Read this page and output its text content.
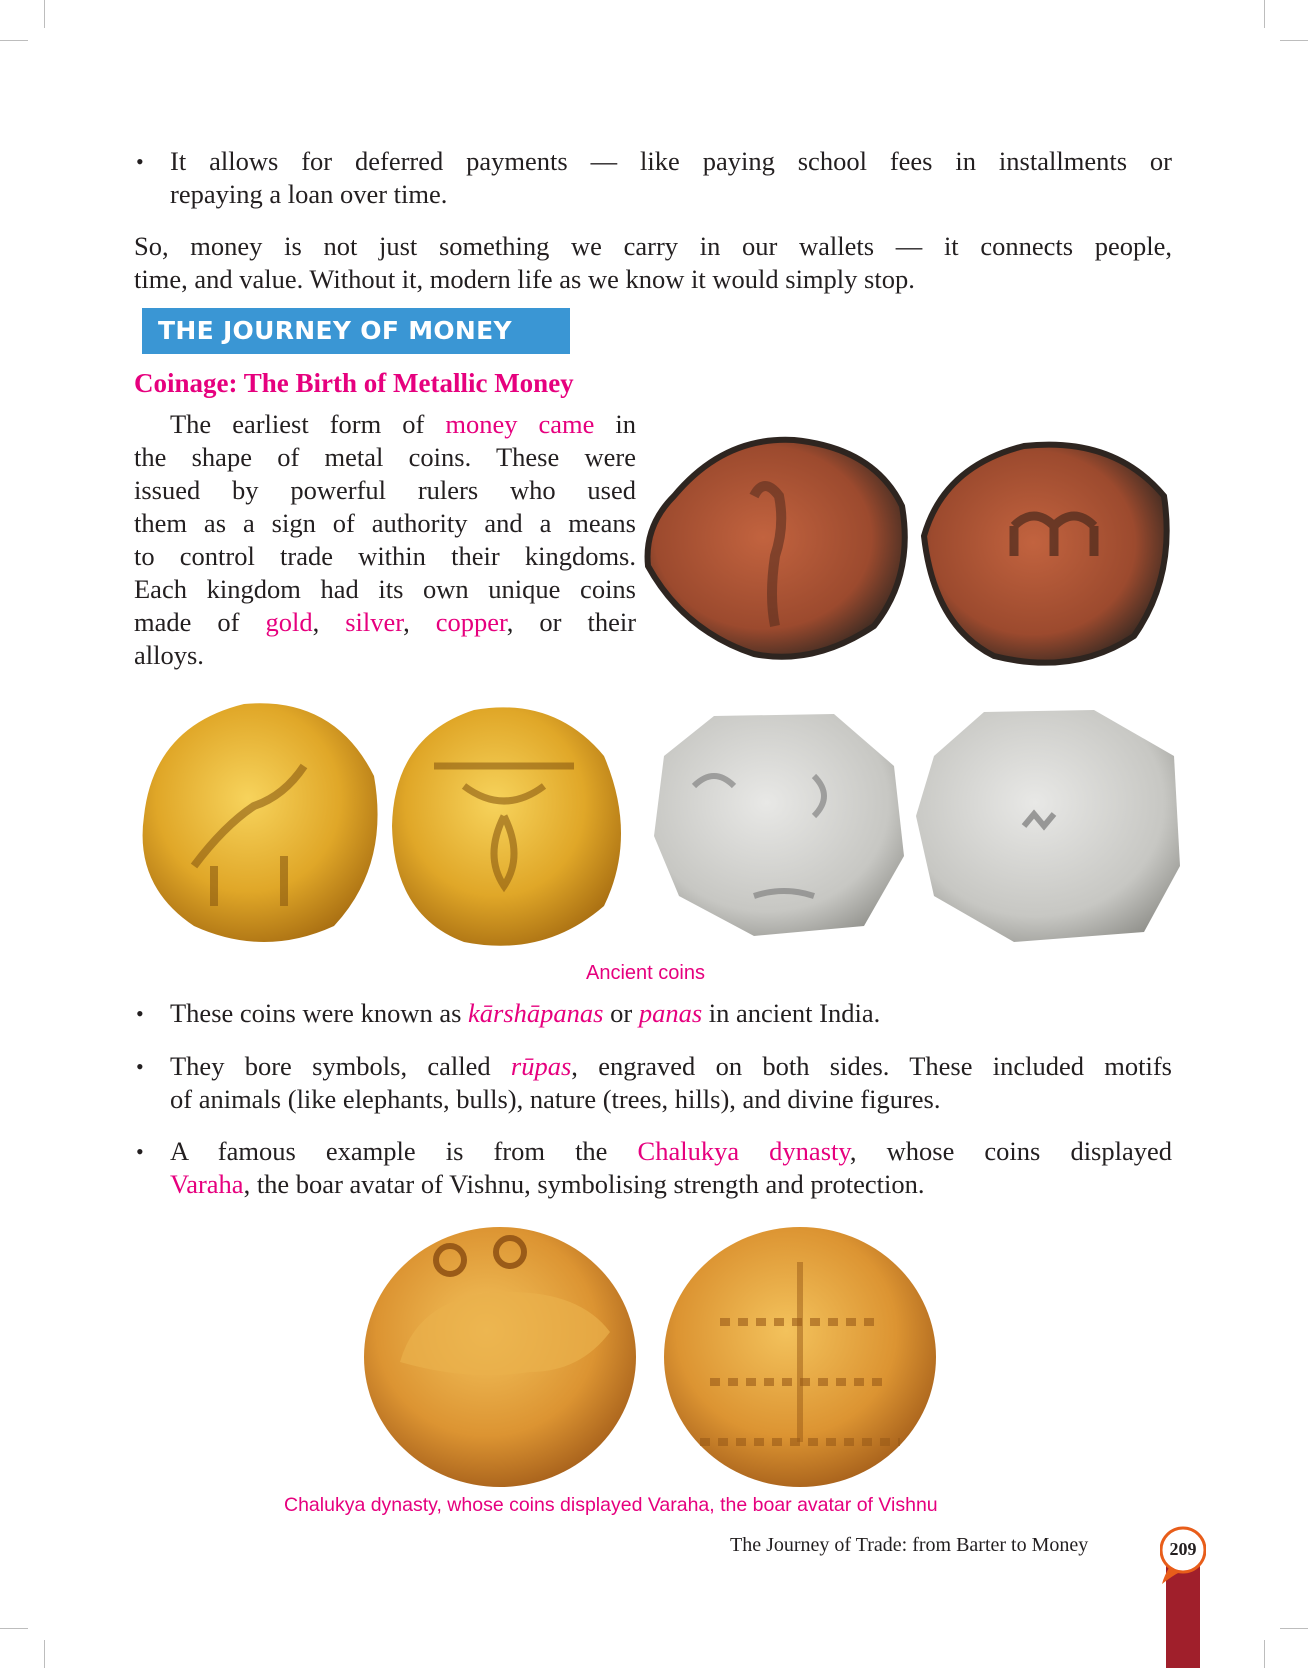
• It allows for deferred payments — like paying school fees in installments or
repaying a loan over time.
So, money is not just something we carry in our wallets — it connects people,
time, and value. Without it, modern life as we know it would simply stop.
THE JOURNEY OF MONEY
Coinage: The Birth of Metallic Money
The earliest form of money came in
the shape of metal coins. These were
issued by powerful rulers who used
them as a sign of authority and a means
to control trade within their kingdoms.
Each kingdom had its own unique coins
made of gold, silver, copper, or their
alloys.
Ancient coins
• These coins were known as kārshāpanas or panas in ancient India.
• They bore symbols, called rūpas, engraved on both sides. These included motifs
of animals (like elephants, bulls), nature (trees, hills), and divine figures.
• A famous example is from the Chalukya dynasty, whose coins displayed
Varaha, the boar avatar of Vishnu, symbolising strength and protection.
Chalukya dynasty, whose coins displayed Varaha, the boar avatar of Vishnu
The Journey of Trade: from Barter to Money	209
